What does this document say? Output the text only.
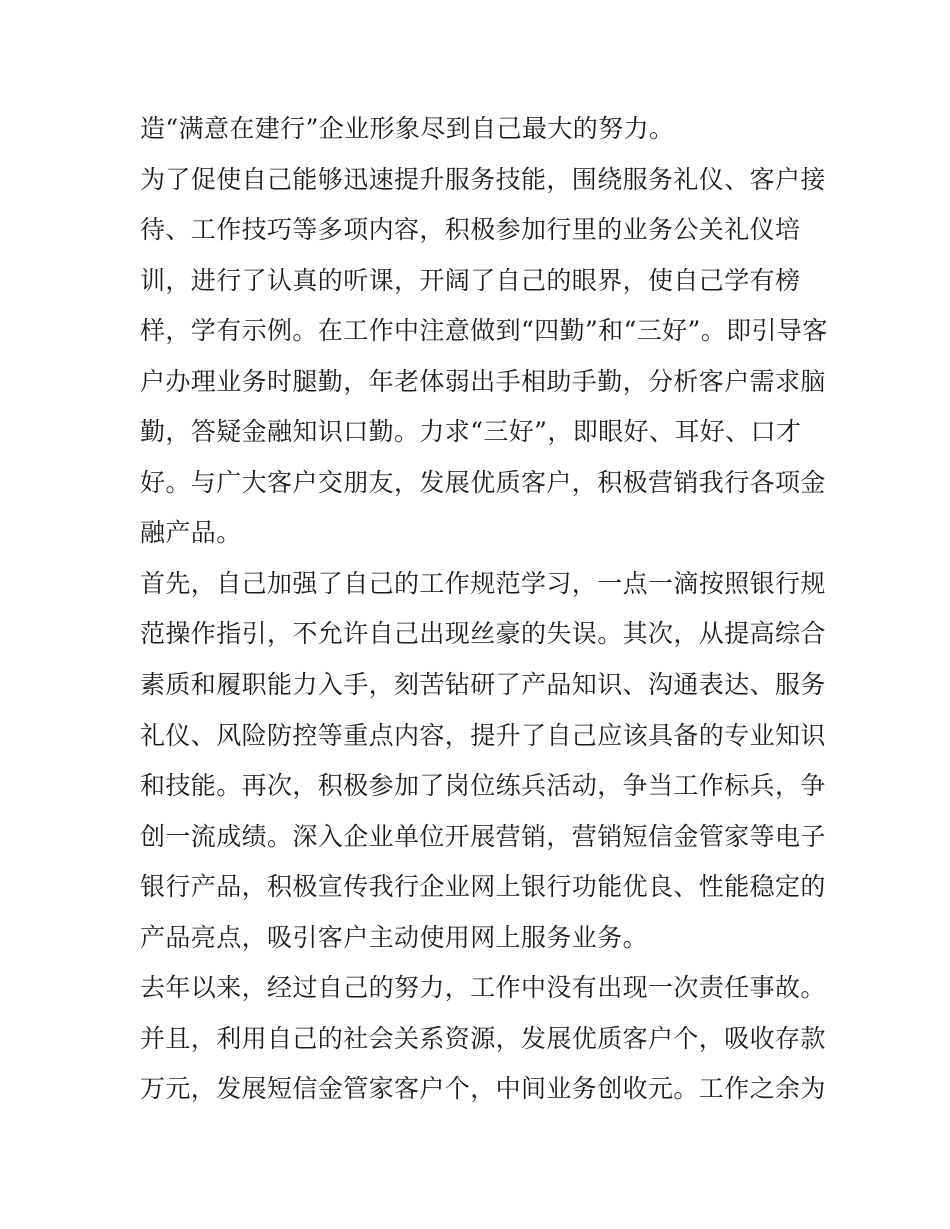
造“满意在建行”企业形象尽到自己最大的努力。
为了促使自己能够迅速提升服务技能，围绕服务礼仪、客户接
待、工作技巧等多项内容，积极参加行里的业务公关礼仪培
训，进行了认真的听课，开阔了自己的眼界，使自己学有榜
样，学有示例。在工作中注意做到“四勤”和“三好”。即引导客
户办理业务时腿勤，年老体弱出手相助手勤，分析客户需求脑
勤，答疑金融知识口勤。力求“三好”，即眼好、耳好、口才
好。与广大客户交朋友，发展优质客户，积极营销我行各项金
融产品。
首先，自己加强了自己的工作规范学习，一点一滴按照银行规
范操作指引，不允许自己出现丝豪的失误。其次，从提高综合
素质和履职能力入手，刻苦钻研了产品知识、沟通表达、服务
礼仪、风险防控等重点内容，提升了自己应该具备的专业知识
和技能。再次，积极参加了岗位练兵活动，争当工作标兵，争
创一流成绩。深入企业单位开展营销，营销短信金管家等电子
银行产品，积极宣传我行企业网上银行功能优良、性能稳定的
产品亮点，吸引客户主动使用网上服务业务。
去年以来，经过自己的努力，工作中没有出现一次责任事故。
并且，利用自己的社会关系资源，发展优质客户个，吸收存款
万元，发展短信金管家客户个，中间业务创收元。工作之余为
